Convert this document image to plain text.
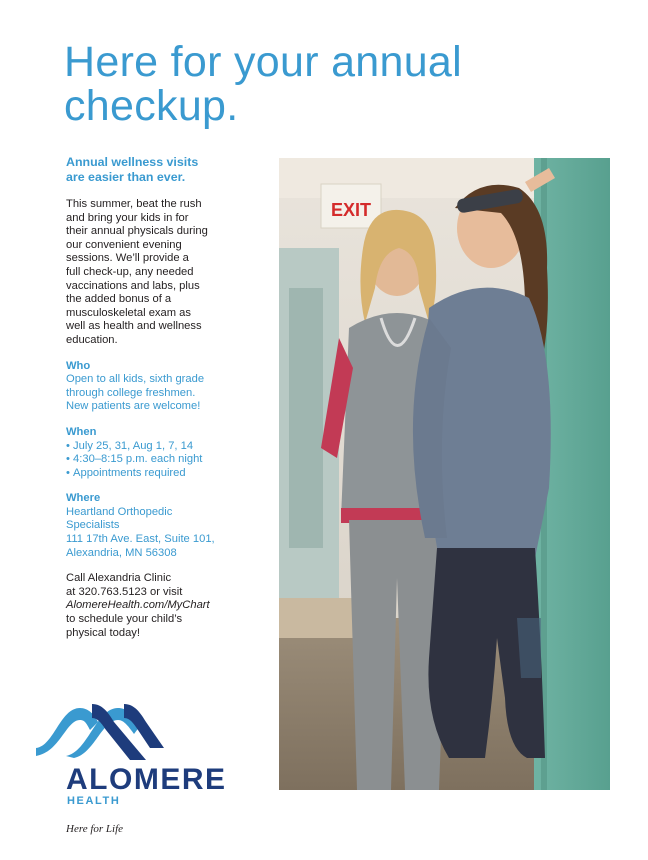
Here for your annual
checkup.

Annual wellness visits
are easier than ever.

This summer, beat the rush
and bring your kids in for
their annual physicals during
our convenient evening
sessions. We’ll provide a
full check-up, any needed
vaccinations and labs, plus
the added bonus of a
musculoskeletal exam as
well as health and wellness
education.

Who

Open to all kids, sixth grade
through college freshmen.
New patients are welcome!

When

• July 25, 31, Aug 1, 7, 14
• 4:30–8:15 p.m. each night
• Appointments required

Where

Heartland Orthopedic
Specialists
111 17th Ave. East, Suite 101,
Alexandria, MN 56308

Call Alexandria Clinic
at 320.763.5123 or visit
AlomereHealth.com/MyChart
to schedule your child’s
physical today!

EXIT
ALOMERE
HEALTH
Here for Life
